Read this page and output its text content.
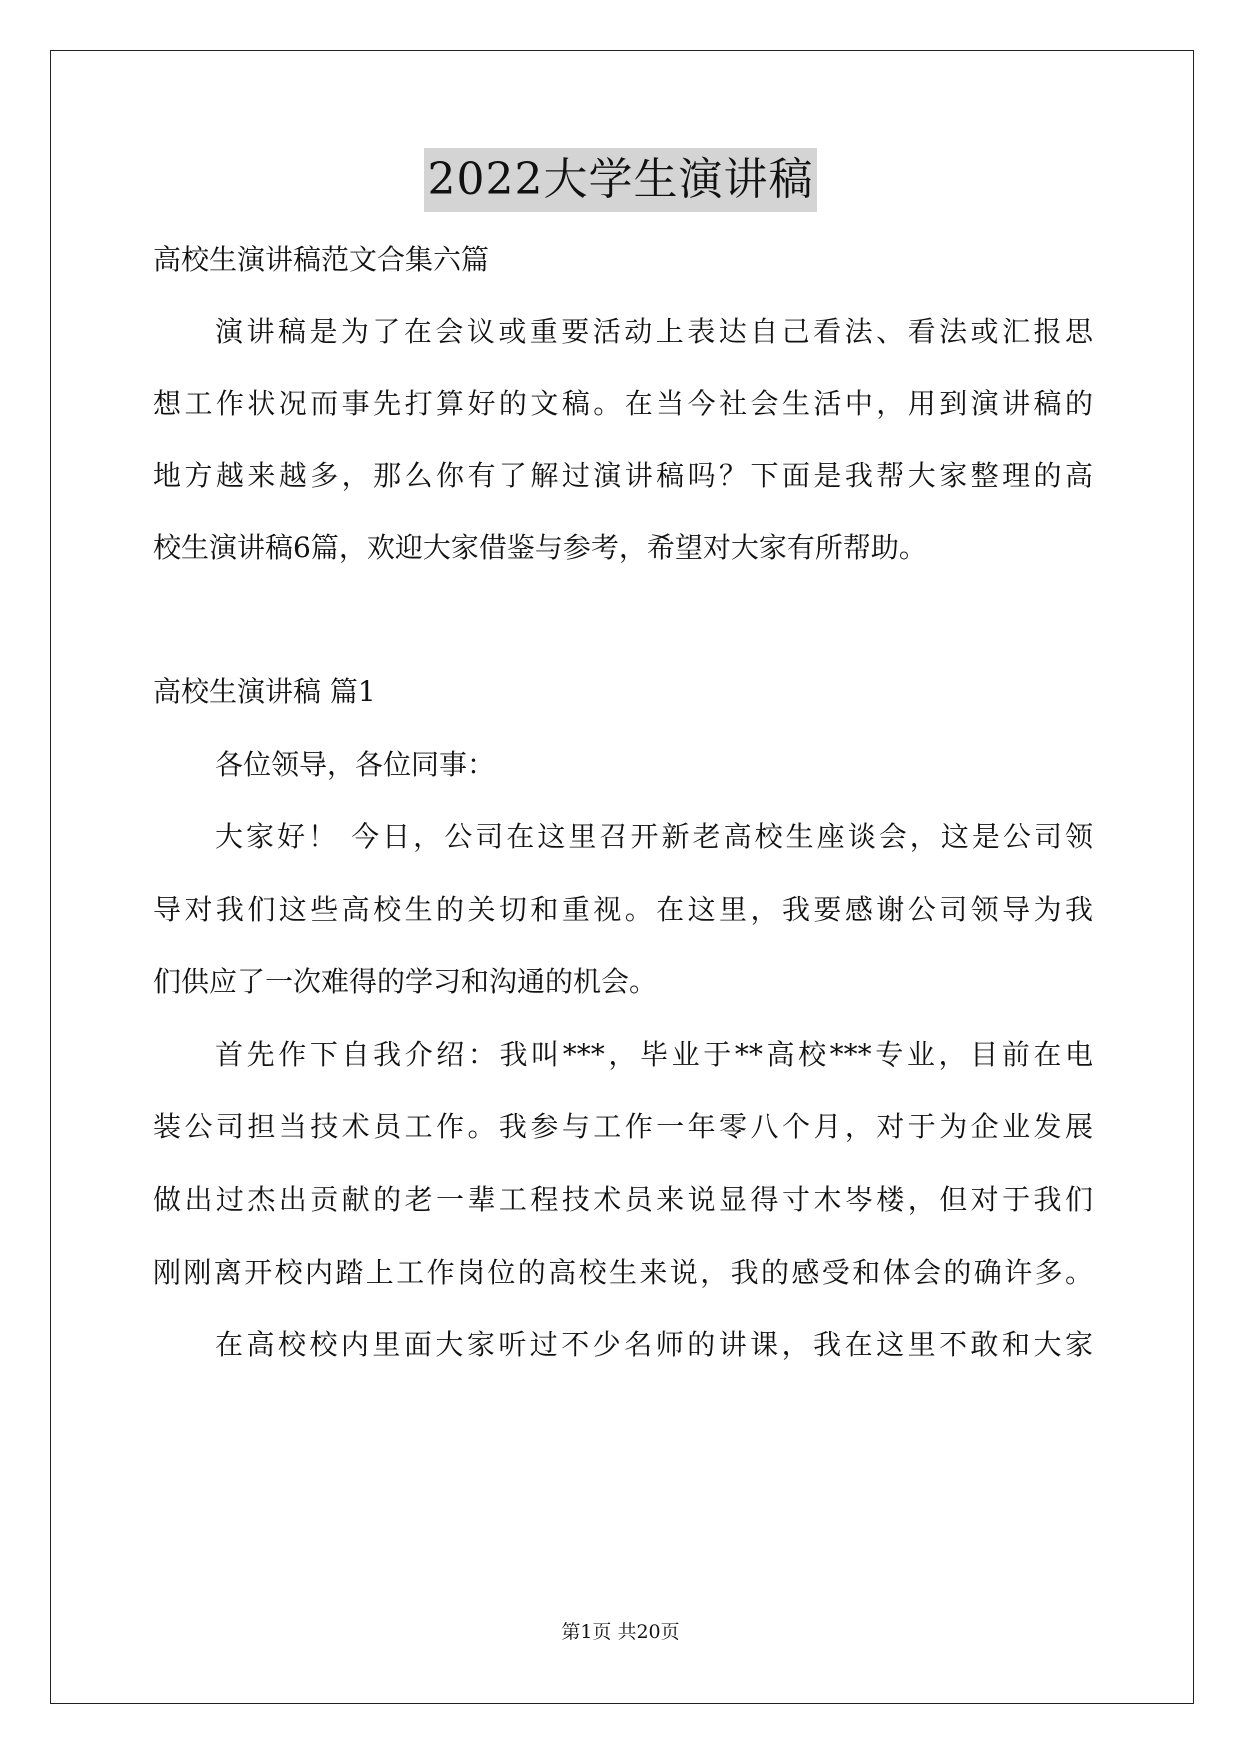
2022大学生演讲稿
高校生演讲稿范文合集六篇
演讲稿是为了在会议或重要活动上表达自己看法、看法或汇报思
想工作状况而事先打算好的文稿。在当今社会生活中，用到演讲稿的
地方越来越多，那么你有了解过演讲稿吗？下面是我帮大家整理的高
校生演讲稿6篇，欢迎大家借鉴与参考，希望对大家有所帮助。
高校生演讲稿 篇1
各位领导，各位同事：
大家好！ 今日，公司在这里召开新老高校生座谈会，这是公司领
导对我们这些高校生的关切和重视。在这里，我要感谢公司领导为我
们供应了一次难得的学习和沟通的机会。
首先作下自我介绍：我叫***，毕业于**高校***专业，目前在电
装公司担当技术员工作。我参与工作一年零八个月，对于为企业发展
做出过杰出贡献的老一辈工程技术员来说显得寸木岑楼，但对于我们
刚刚离开校内踏上工作岗位的高校生来说，我的感受和体会的确许多。
在高校校内里面大家听过不少名师的讲课，我在这里不敢和大家
第1页 共20页
